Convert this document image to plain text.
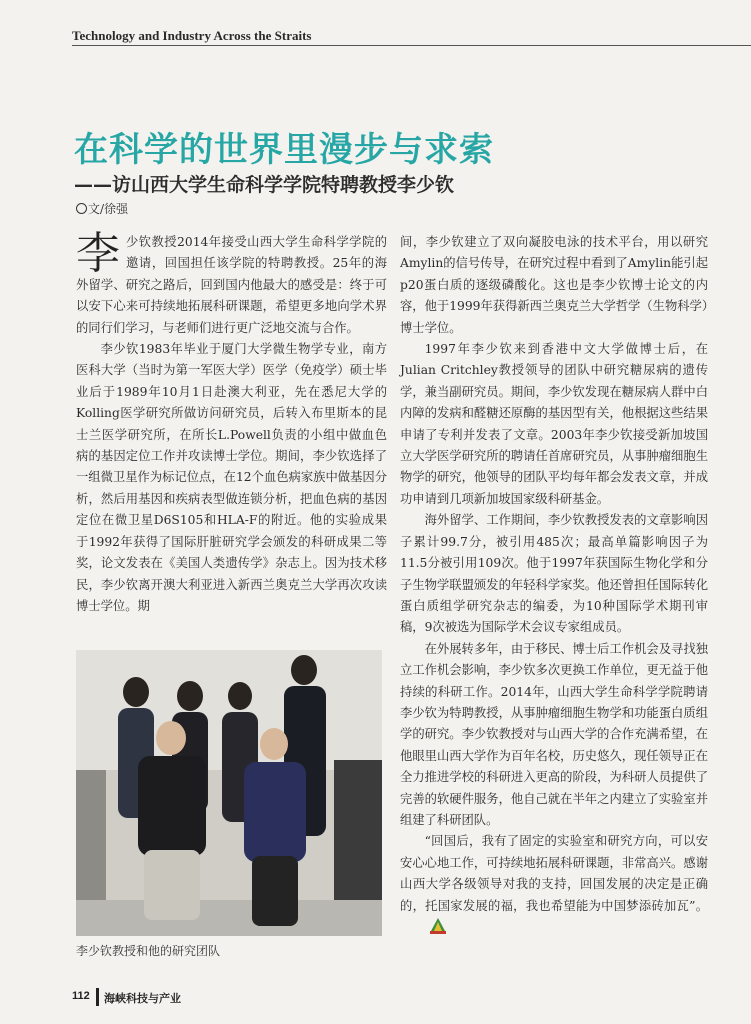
Technology and Industry Across the Straits
在科学的世界里漫步与求索
——访山西大学生命科学学院特聘教授李少钦
文/徐强

李少钦教授2014年接受山西大学生命科学学院的邀请，回国担任该学院的特聘教授。25年的海外留学、研究之路后，回到国内他最大的感受是：终于可以安下心来可持续地拓展科研课题，希望更多地向学术界的同行们学习，与老师们进行更广泛地交流与合作。

李少钦1983年毕业于厦门大学微生物学专业，南方医科大学（当时为第一军医大学）医学（免疫学）硕士毕业后于1989年10月1日赴澳大利亚，先在悉尼大学的Kolling医学研究所做访问研究员，后转入布里斯本的昆士兰医学研究所，在所长L.Powell负责的小组中做血色病的基因定位工作并攻读博士学位。期间，李少钦选择了一组微卫星作为标记位点，在12个血色病家族中做基因分析，然后用基因和疾病表型做连锁分析，把血色病的基因定位在微卫星D6S105和HLA-F的附近。他的实验成果于1992年获得了国际肝脏研究学会颁发的科研成果二等奖，论文发表在《美国人类遗传学》杂志上。因为技术移民，李少钦离开澳大利亚进入新西兰奥克兰大学再次攻读博士学位。期

李少钦教授和他的研究团队

间，李少钦建立了双向凝胶电泳的技术平台，用以研究Amylin的信号传导，在研究过程中看到了Amylin能引起p20蛋白质的逐级磷酸化。这也是李少钦博士论文的内容，他于1999年获得新西兰奥克兰大学哲学（生物科学）博士学位。

1997年李少钦来到香港中文大学做博士后，在Julian Critchley教授领导的团队中研究糖尿病的遗传学，兼当副研究员。期间，李少钦发现在糖尿病人群中白内障的发病和醛糖还原酶的基因型有关，他根据这些结果申请了专利并发表了文章。2003年李少钦接受新加坡国立大学医学研究所的聘请任首席研究员，从事肿瘤细胞生物学的研究，他领导的团队平均每年都会发表文章，并成功申请到几项新加坡国家级科研基金。

海外留学、工作期间，李少钦教授发表的文章影响因子累计99.7分，被引用485次；最高单篇影响因子为11.5分被引用109次。他于1997年获国际生物化学和分子生物学联盟颁发的年轻科学家奖。他还曾担任国际转化蛋白质组学研究杂志的编委，为10种国际学术期刊审稿，9次被选为国际学术会议专家组成员。

在外展转多年，由于移民、博士后工作机会及寻找独立工作机会影响，李少钦多次更换工作单位，更无益于他持续的科研工作。2014年，山西大学生命科学学院聘请李少钦为特聘教授，从事肿瘤细胞生物学和功能蛋白质组学的研究。李少钦教授对与山西大学的合作充满希望，在他眼里山西大学作为百年名校，历史悠久，现任领导正在全力推进学校的科研进入更高的阶段，为科研人员提供了完善的软硬件服务，他自己就在半年之内建立了实验室并组建了科研团队。

“回国后，我有了固定的实验室和研究方向，可以安安心心地工作，可持续地拓展科研课题，非常高兴。感谢山西大学各级领导对我的支持，回国发展的决定是正确的，托国家发展的福，我也希望能为中国梦添砖加瓦”。

112 海峡科技与产业
